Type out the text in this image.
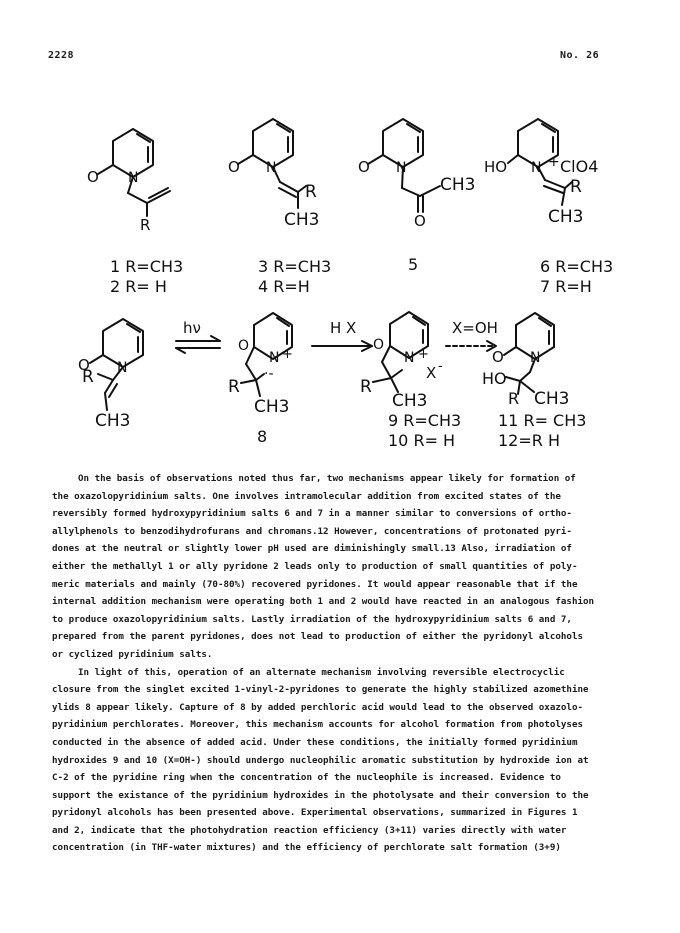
2228	No. 26
O N
R
1 R=CH3
2 R= H
O N
R
CH3
3 R=CH3
4 R=H
O N
CH3
O
5
HO N + ClO4
R
CH3
6 R=CH3
7 R=H
O N
R
CH3
hν
O
N +
·-
R
CH3
8
H X
O
N +
X -
R
CH3
9 R=CH3
10 R= H
X=OH
O N
HO
R CH3
11 R= CH3
12=R H
On the basis of observations noted thus far, two mechanisms appear likely for formation of
the oxazolopyridinium salts. One involves intramolecular addition from excited states of the
reversibly formed hydroxypyridinium salts 6 and 7 in a manner similar to conversions of ortho-
allylphenols to benzodihydrofurans and chromans.12 However, concentrations of protonated pyri-
dones at the neutral or slightly lower pH used are diminishingly small.13 Also, irradiation of
either the methallyl 1 or ally pyridone 2 leads only to production of small quantities of poly-
meric materials and mainly (70-80%) recovered pyridones. It would appear reasonable that if the
internal addition mechanism were operating both 1 and 2 would have reacted in an analogous fashion
to produce oxazolopyridinium salts. Lastly irradiation of the hydroxypyridinium salts 6 and 7,
prepared from the parent pyridones, does not lead to production of either the pyridonyl alcohols
or cyclized pyridinium salts.
In light of this, operation of an alternate mechanism involving reversible electrocyclic
closure from the singlet excited 1-vinyl-2-pyridones to generate the highly stabilized azomethine
ylids 8 appear likely. Capture of 8 by added perchloric acid would lead to the observed oxazolo-
pyridinium perchlorates. Moreover, this mechanism accounts for alcohol formation from photolyses
conducted in the absence of added acid. Under these conditions, the initially formed pyridinium
hydroxides 9 and 10 (X=OH-) should undergo nucleophilic aromatic substitution by hydroxide ion at
C-2 of the pyridine ring when the concentration of the nucleophile is increased. Evidence to
support the existance of the pyridinium hydroxides in the photolysate and their conversion to the
pyridonyl alcohols has been presented above. Experimental observations, summarized in Figures 1
and 2, indicate that the photohydration reaction efficiency (3+11) varies directly with water
concentration (in THF-water mixtures) and the efficiency of perchlorate salt formation (3+9)
